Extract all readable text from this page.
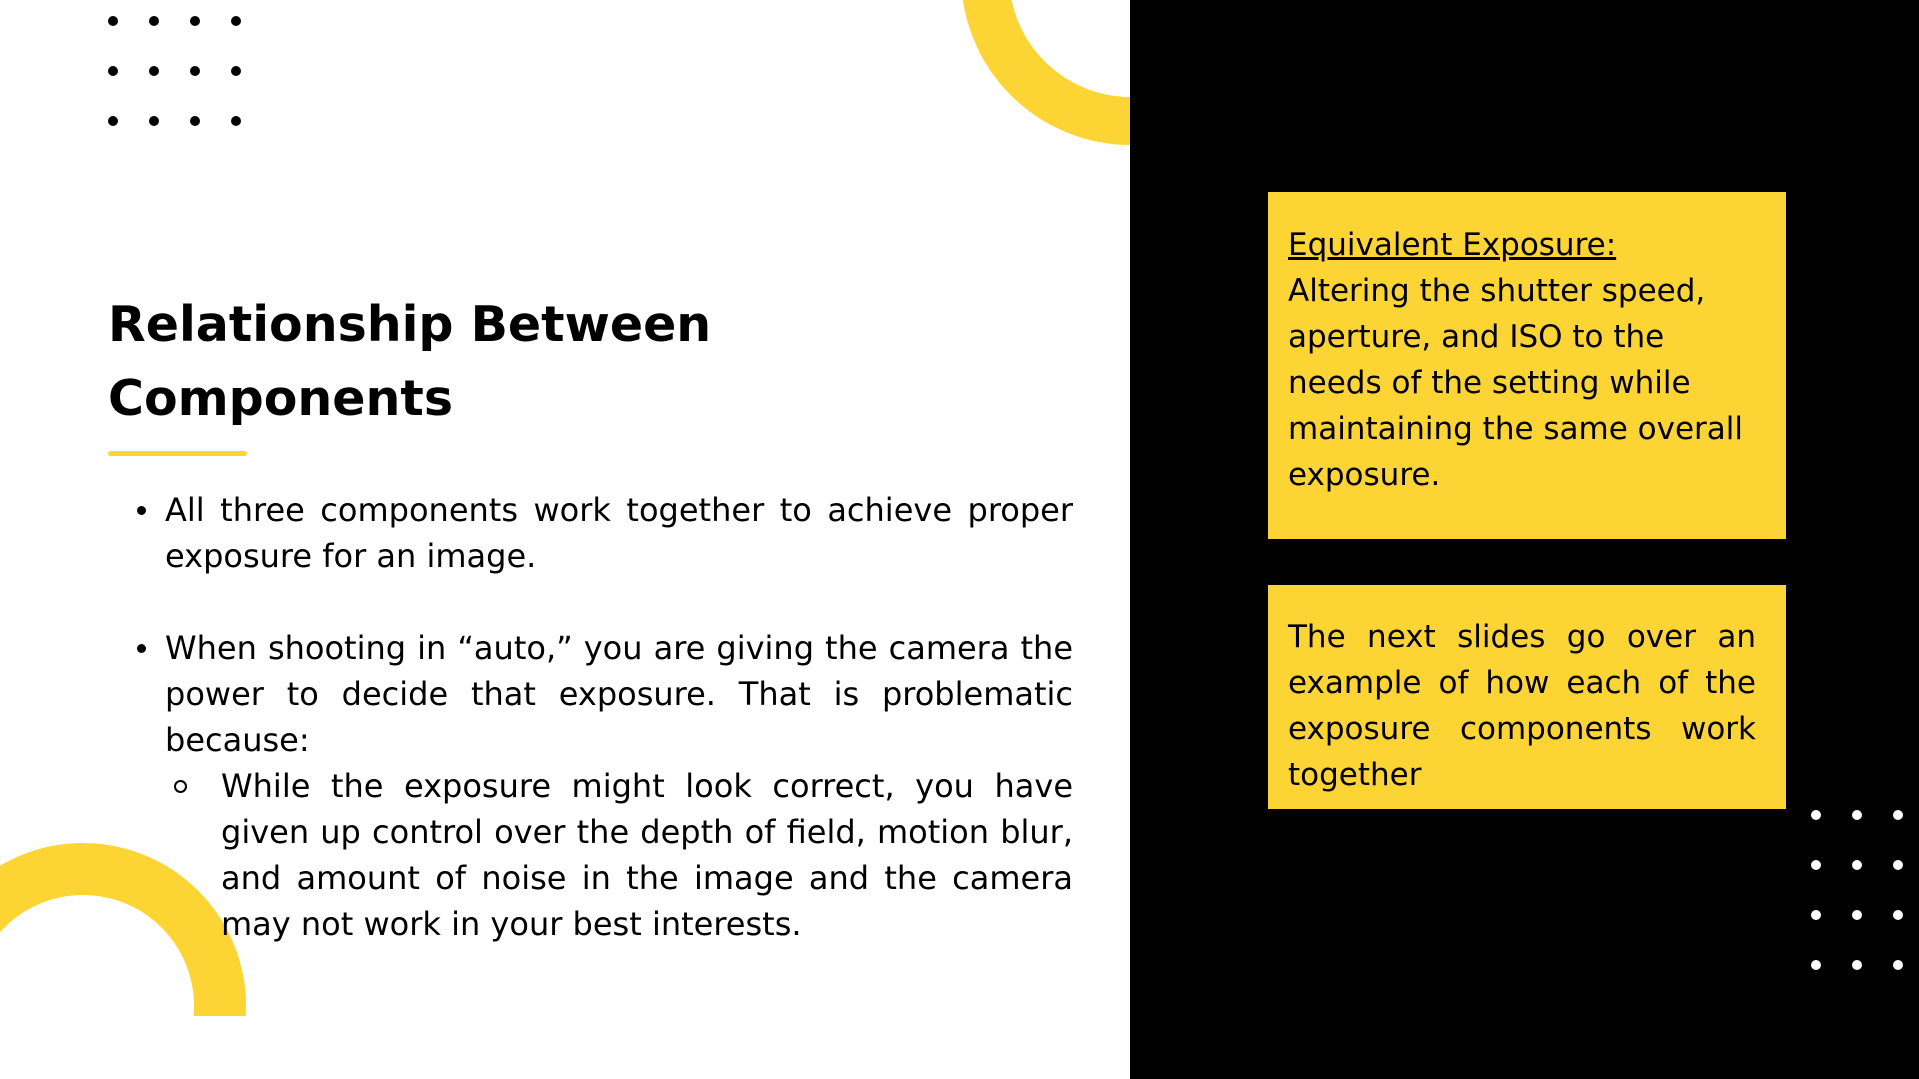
Relationship Between Components
All three components work together to achieve proper exposure for an image.
When shooting in “auto,” you are giving the camera the power to decide that exposure. That is problematic because:
While the exposure might look correct, you have given up control over the depth of field, motion blur, and amount of noise in the image and the camera may not work in your best interests.
Equivalent Exposure:
Altering the shutter speed, aperture, and ISO to the needs of the setting while maintaining the same overall exposure.
The next slides go over an example of how each of the exposure components work together
